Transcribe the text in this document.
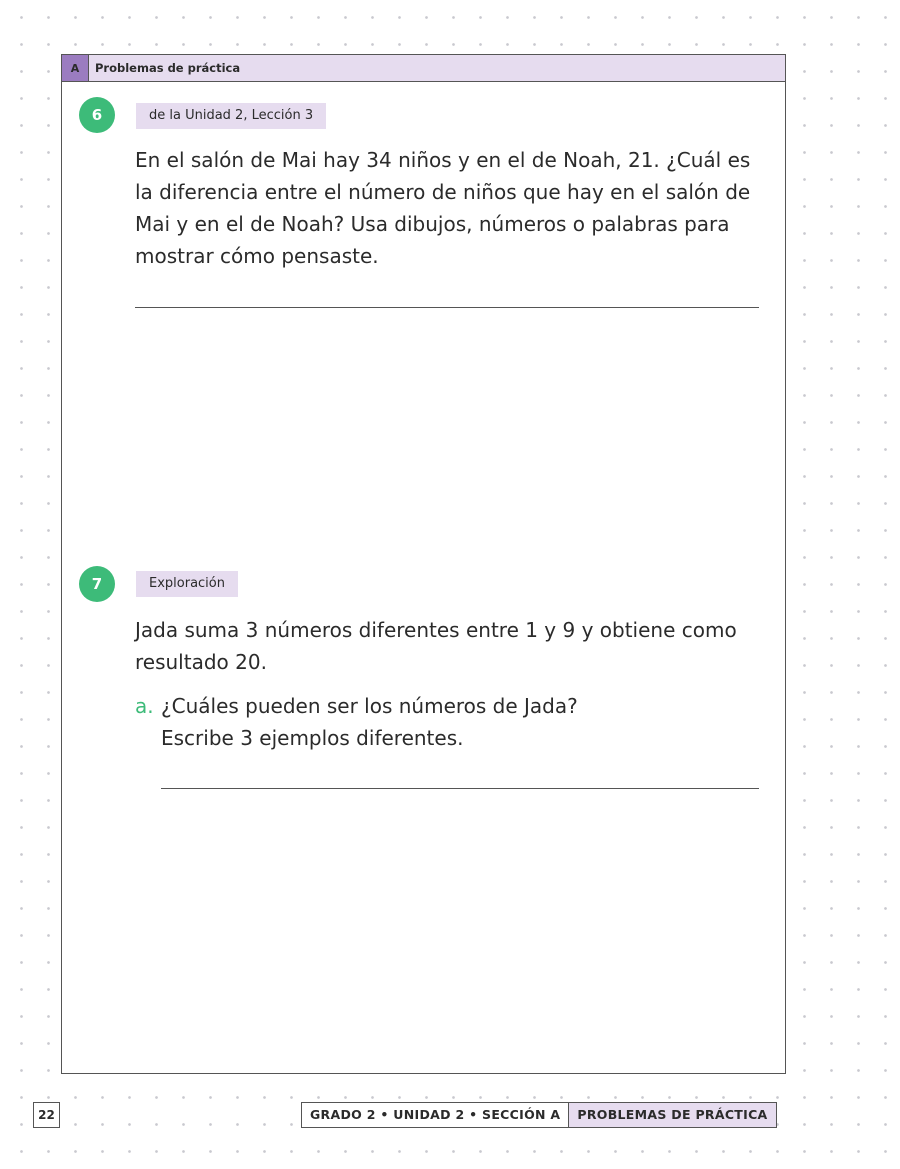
A	Problemas de práctica
6	de la Unidad 2, Lección 3
En el salón de Mai hay 34 niños y en el de Noah, 21. ¿Cuál es
la diferencia entre el número de niños que hay en el salón de
Mai y en el de Noah? Usa dibujos, números o palabras para
mostrar cómo pensaste.
7	Exploración
Jada suma 3 números diferentes entre 1 y 9 y obtiene como
resultado 20.
a. ¿Cuáles pueden ser los números de Jada?
Escribe 3 ejemplos diferentes.
22	GRADO 2 • UNIDAD 2 • SECCIÓN A	PROBLEMAS DE PRÁCTICA
